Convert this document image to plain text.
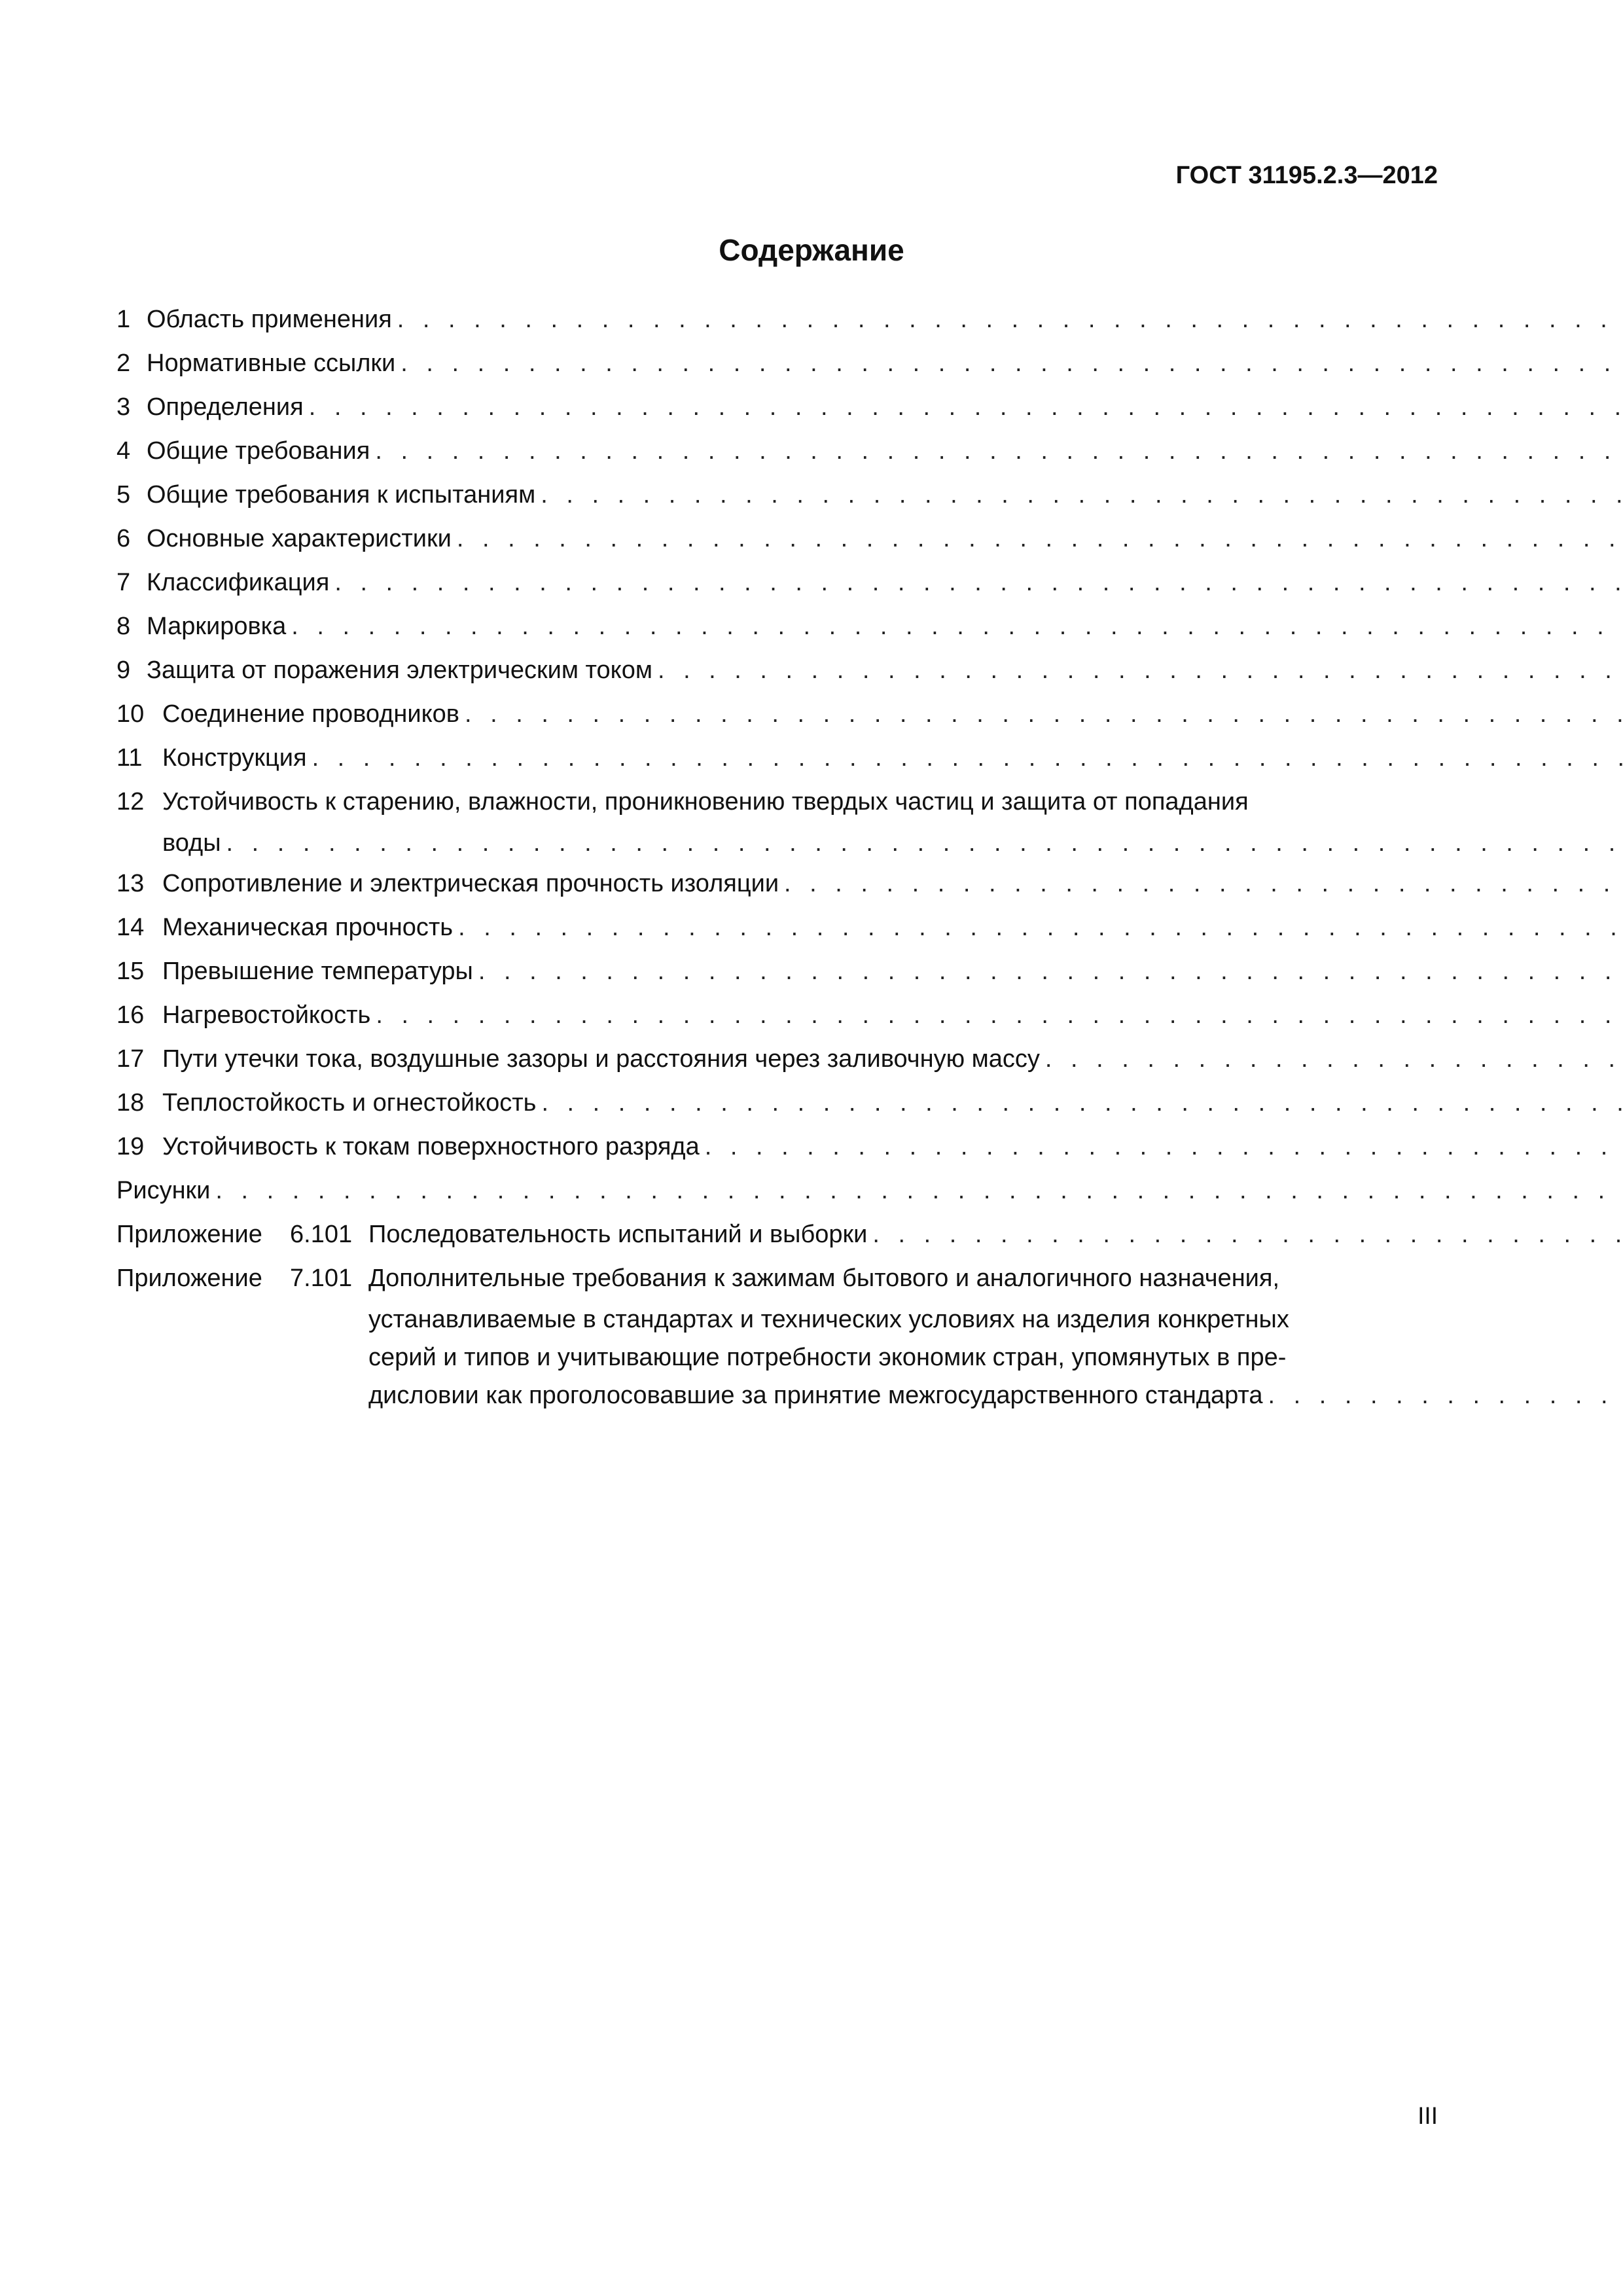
ГОСТ 31195.2.3—2012
Содержание
1 Область применения
. . .
2 Нормативные ссылки
. . .
3 Определения
. . .
4 Общие требования
. . .
5 Общие требования к испытаниям
. . .
6 Основные характеристики
. . .
7 Классификация
. . .
8 Маркировка
. . .
9 Защита от поражения электрическим током
. . .
10 Соединение проводников
. . .
11 Конструкция
. . .
12 Устойчивость к старению, влажности, проникновению твердых частиц и защита от попадания
воды
. . .
13 Сопротивление и электрическая прочность изоляции
. . .
14 Механическая прочность
. . .
15 Превышение температуры
. . .
16 Нагревостойкость
. . .
17 Пути утечки тока, воздушные зазоры и расстояния через заливочную массу
. . .
18 Теплостойкость и огнестойкость
. . .
19 Устойчивость к токам поверхностного разряда
. . .
Рисунки
. . .
Приложение	6.101 Последовательность испытаний и выборки
. . .
Приложение	7.101 Дополнительные требования к зажимам бытового и аналогичного назначения,
устанавливаемые в стандартах и технических условиях на изделия конкретных
серий и типов и учитывающие потребности экономик стран, упомянутых в пре-
дисловии как проголосовавшие за принятие межгосударственного стандарта
. . .
III
